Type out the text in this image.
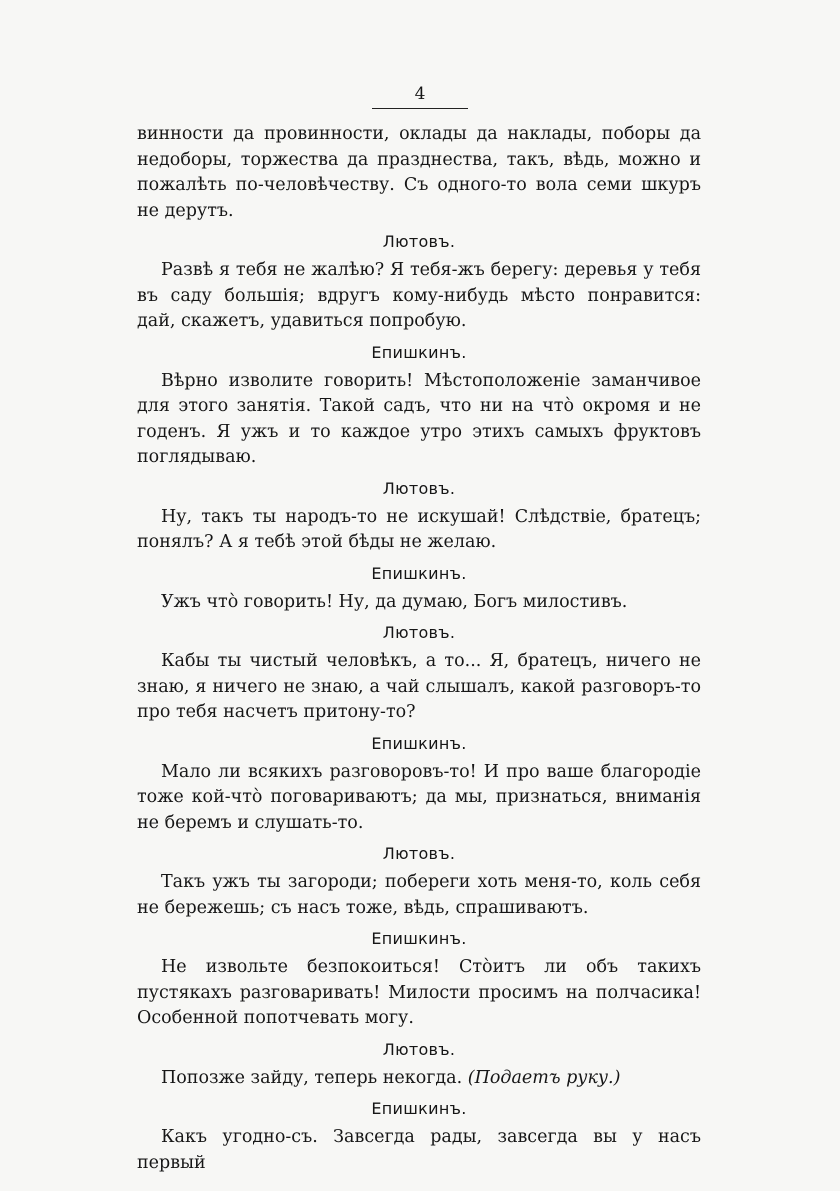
4

винности да провинности, оклады да наклады, поборы да недоборы, торжества да празднества, такъ, вѣдь, можно и пожалѣть по-человѣчеству. Съ одного-то вола семи шкуръ не дерутъ.

Лютовъ.

Развѣ я тебя не жалѣю? Я тебя-жъ берегу: деревья у тебя въ саду большія; вдругъ кому-нибудь мѣсто понравится: дай, скажетъ, удавиться попробую.

Епишкинъ.

Вѣрно изволите говорить! Мѣстоположеніе заманчивое для этого занятія. Такой садъ, что ни на что̀ окромя и не годенъ. Я ужъ и то каждое утро этихъ самыхъ фруктовъ поглядываю.

Лютовъ.

Ну, такъ ты народъ-то не искушай! Слѣдствіе, братецъ; понялъ? А я тебѣ этой бѣды не желаю.

Епишкинъ.

Ужъ что̀ говорить! Ну, да думаю, Богъ милостивъ.

Лютовъ.

Кабы ты чистый человѣкъ, а то... Я, братецъ, ничего не знаю, я ничего не знаю, а чай слышалъ, какой разговоръ-то про тебя насчетъ притону-то?

Епишкинъ.

Мало ли всякихъ разговоровъ-то! И про ваше благородіе тоже кой-что̀ поговариваютъ; да мы, признаться, вниманія не беремъ и слушать-то.

Лютовъ.

Такъ ужъ ты загороди; побереги хоть меня-то, коль себя не бережешь; съ насъ тоже, вѣдь, спрашиваютъ.

Епишкинъ.

Не извольте безпокоиться! Сто̀итъ ли объ такихъ пустякахъ разговаривать! Милости просимъ на полчасика! Особенной попотчевать могу.

Лютовъ.

Попозже зайду, теперь некогда. (Подаетъ руку.)

Епишкинъ.

Какъ угодно-съ. Завсегда рады, завсегда вы у насъ первый
